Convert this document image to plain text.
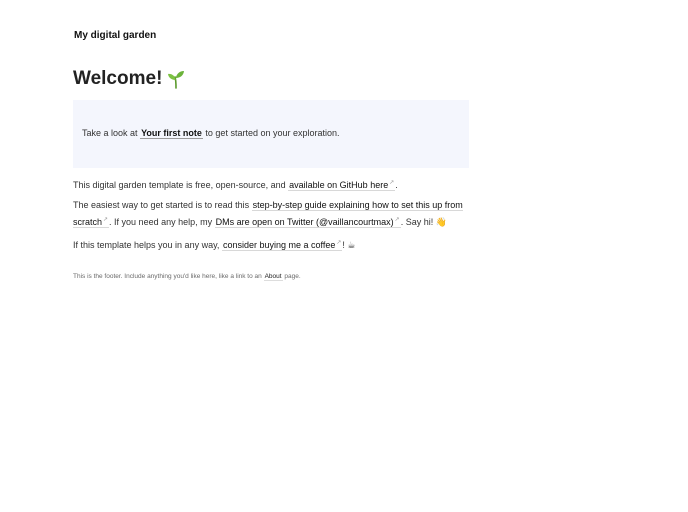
My digital garden
Welcome!
Take a look at Your first note to get started on your exploration.

This digital garden template is free, open-source, and available on GitHub here↗.

The easiest way to get started is to read this step-by-step guide explaining how to set this up from scratch↗. If you need any help, my DMs are open on Twitter (@vaillancourtmax)↗. Say hi! 👋

If this template helps you in any way, consider buying me a coffee↗! ☕

This is the footer. Include anything you'd like here, like a link to an About page.
